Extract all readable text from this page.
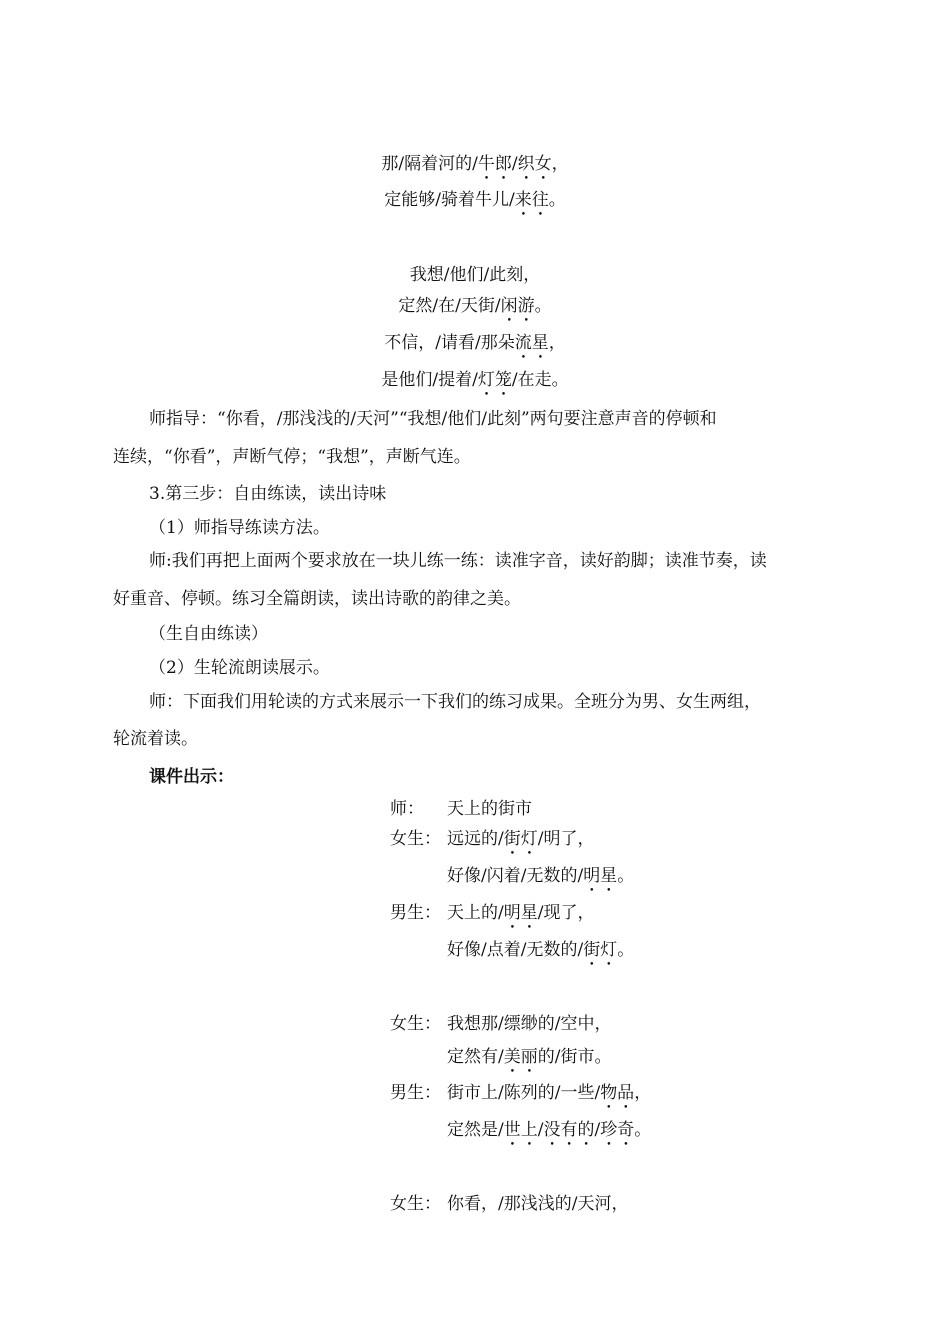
那/隔着河的/牛郎/织女，
定能够/骑着牛儿/来往。
我想/他们/此刻，
定然/在/天街/闲游。
不信，/请看/那朵流星，
是他们/提着/灯笼/在走。
师指导：“你看，/那浅浅的/天河”“我想/他们/此刻”两句要注意声音的停顿和
连续，“你看”，声断气停；“我想”，声断气连。
3.第三步：自由练读，读出诗味
（1）师指导练读方法。
师:我们再把上面两个要求放在一块儿练一练：读准字音，读好韵脚；读准节奏，读
好重音、停顿。练习全篇朗读，读出诗歌的韵律之美。
（生自由练读）
（2）生轮流朗读展示。
师：下面我们用轮读的方式来展示一下我们的练习成果。全班分为男、女生两组，
轮流着读。
课件出示：
师： 天上的街市
女生： 远远的/街灯/明了，
好像/闪着/无数的/明星。
男生： 天上的/明星/现了，
好像/点着/无数的/街灯。
女生： 我想那/缥缈的/空中，
定然有/美丽的/街市。
男生： 街市上/陈列的/一些/物品，
定然是/世上/没有的/珍奇。
女生： 你看，/那浅浅的/天河，
